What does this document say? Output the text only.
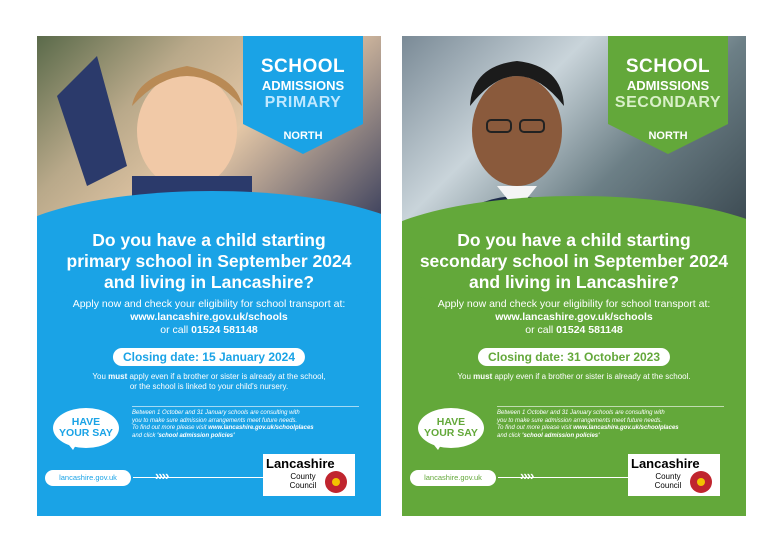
SCHOOL
ADMISSIONS
PRIMARY
NORTH
Do you have a child starting
primary school in September 2024
and living in Lancashire?
Apply now and check your eligibility for school transport at:
www.lancashire.gov.uk/schools
or call 01524 581148
Closing date: 15 January 2024
You must apply even if a brother or sister is already at the school,
or the school is linked to your child's nursery.
HAVE
YOUR SAY
Between 1 October and 31 January schools are consulting with
you to make sure admission arrangements meet future needs.
To find out more please visit www.lancashire.gov.uk/schoolplaces
and click 'school admission policies'
lancashire.gov.uk	››››
Lancashire
County
Council
SCHOOL
ADMISSIONS
SECONDARY
NORTH
Do you have a child starting
secondary school in September 2024
and living in Lancashire?
Apply now and check your eligibility for school transport at:
www.lancashire.gov.uk/schools
or call 01524 581148
Closing date: 31 October 2023
You must apply even if a brother or sister is already at the school.
HAVE
YOUR SAY
Between 1 October and 31 January schools are consulting with
you to make sure admission arrangements meet future needs.
To find out more please visit www.lancashire.gov.uk/schoolplaces
and click 'school admission policies'
lancashire.gov.uk	››››
Lancashire
County
Council
